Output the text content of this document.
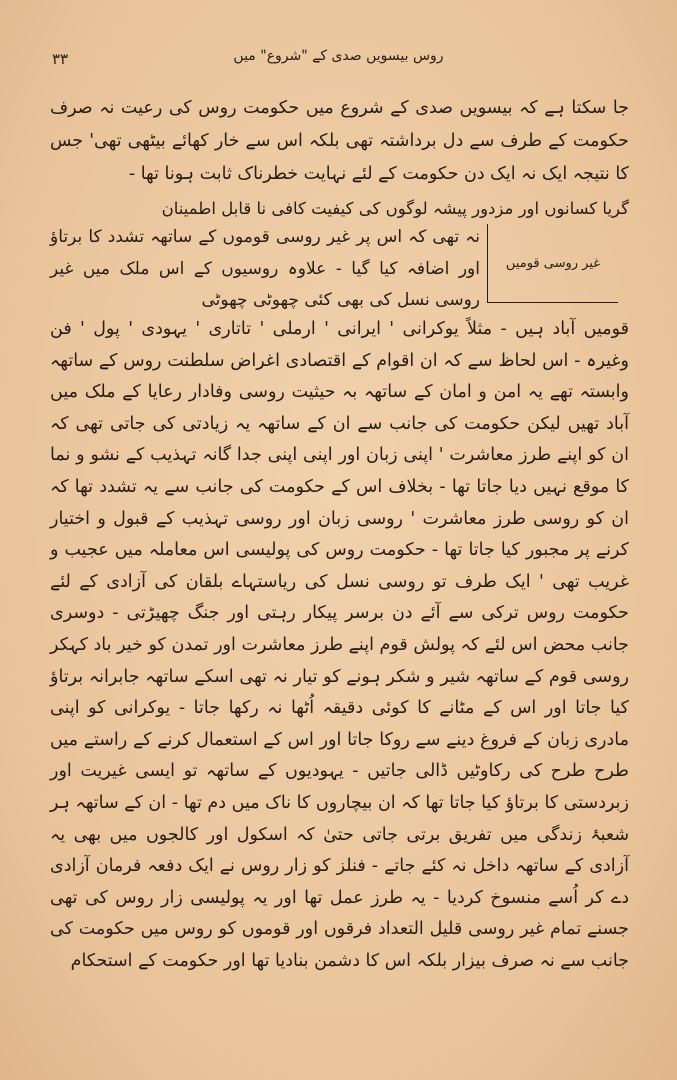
۳۳	روس بیسویں صدی کے "شروع" میں

جا سکتا ہے کہ بیسویں صدی کے شروع میں حکومت روس کی رعیت نہ صرف حکومت کے طرف سے دل برداشتہ تھی بلکہ اس سے خار کھائے بیٹھی تھی' جس کا نتیجہ ایک نہ ایک دن حکومت کے لئے نہایت خطرناک ثابت ہونا تھا -

گریا کسانوں اور مزدور پیشہ لوگوں کی کیفیت کافی نا قابل اطمینان

غیر روسی قومیں

نہ تھی کہ اس پر غیر روسی قوموں کے ساتھہ تشدد کا برتاؤ اور اضافہ کیا گیا - علاوہ روسیوں کے اس ملک میں غیر روسی نسل کی بھی کئی چھوٹی چھوٹی

قومیں آباد ہیں - مثلاً یوکرانی ' ایرانی ' ارملی ' تاتاری ' یہودی ' پول ' فن وغیرہ - اس لحاظ سے کہ ان اقوام کے اقتصادی اغراض سلطنت روس کے ساتھہ وابستہ تھے یہ امن و امان کے ساتھہ بہ حیثیت روسی وفادار رعایا کے ملک میں آباد تھیں لیکن حکومت کی جانب سے ان کے ساتھہ یہ زیادتی کی جاتی تھی کہ ان کو اپنے طرز معاشرت ' اپنی زبان اور اپنی اپنی جدا گانہ تہذیب کے نشو و نما کا موقع نہیں دیا جاتا تھا - بخلاف اس کے حکومت کی جانب سے یہ تشدد تھا کہ ان کو روسی طرز معاشرت ' روسی زبان اور روسی تہذیب کے قبول و اختیار کرنے پر مجبور کیا جاتا تھا - حکومت روس کی پولیسی اس معاملہ میں عجیب و غریب تھی ' ایک طرف تو روسی نسل کی ریاستہاے بلقان کی آزادی کے لئے حکومت روس ترکی سے آئے دن برسر پیکار رہتی اور جنگ چھیڑتی - دوسری جانب محض اس لئے کہ پولش قوم اپنے طرز معاشرت اور تمدن کو خیر باد کہکر روسی قوم کے ساتھہ شیر و شکر ہونے کو تیار نہ تھی اسکے ساتھہ جابرانہ برتاؤ کیا جاتا اور اس کے مٹانے کا کوئی دقیقہ اُٹھا نہ رکھا جاتا - یوکرانی کو اپنی مادری زبان کے فروغ دینے سے روکا جاتا اور اس کے استعمال کرنے کے راستے میں طرح طرح کی رکاوٹیں ڈالی جاتیں - یہودیوں کے ساتھہ تو ایسی غیریت اور زبردستی کا برتاؤ کیا جاتا تھا کہ ان بیچاروں کا ناک میں دم تھا - ان کے ساتھہ ہر شعبۂ زندگی میں تفریق برتی جاتی حتیٰ کہ اسکول اور کالجوں میں بھی یہ آزادی کے ساتھہ داخل نہ کئے جاتے - فنلز کو زار روس نے ایک دفعہ فرمان آزادی دے کر اُسے منسوخ کردیا - یہ طرز عمل تھا اور یہ پولیسی زار روس کی تھی جسنے تمام غیر روسی قلیل التعداد فرقوں اور قوموں کو روس میں حکومت کی جانب سے نہ صرف بیزار بلکہ اس کا دشمن بنادیا تھا اور حکومت کے استحکام
